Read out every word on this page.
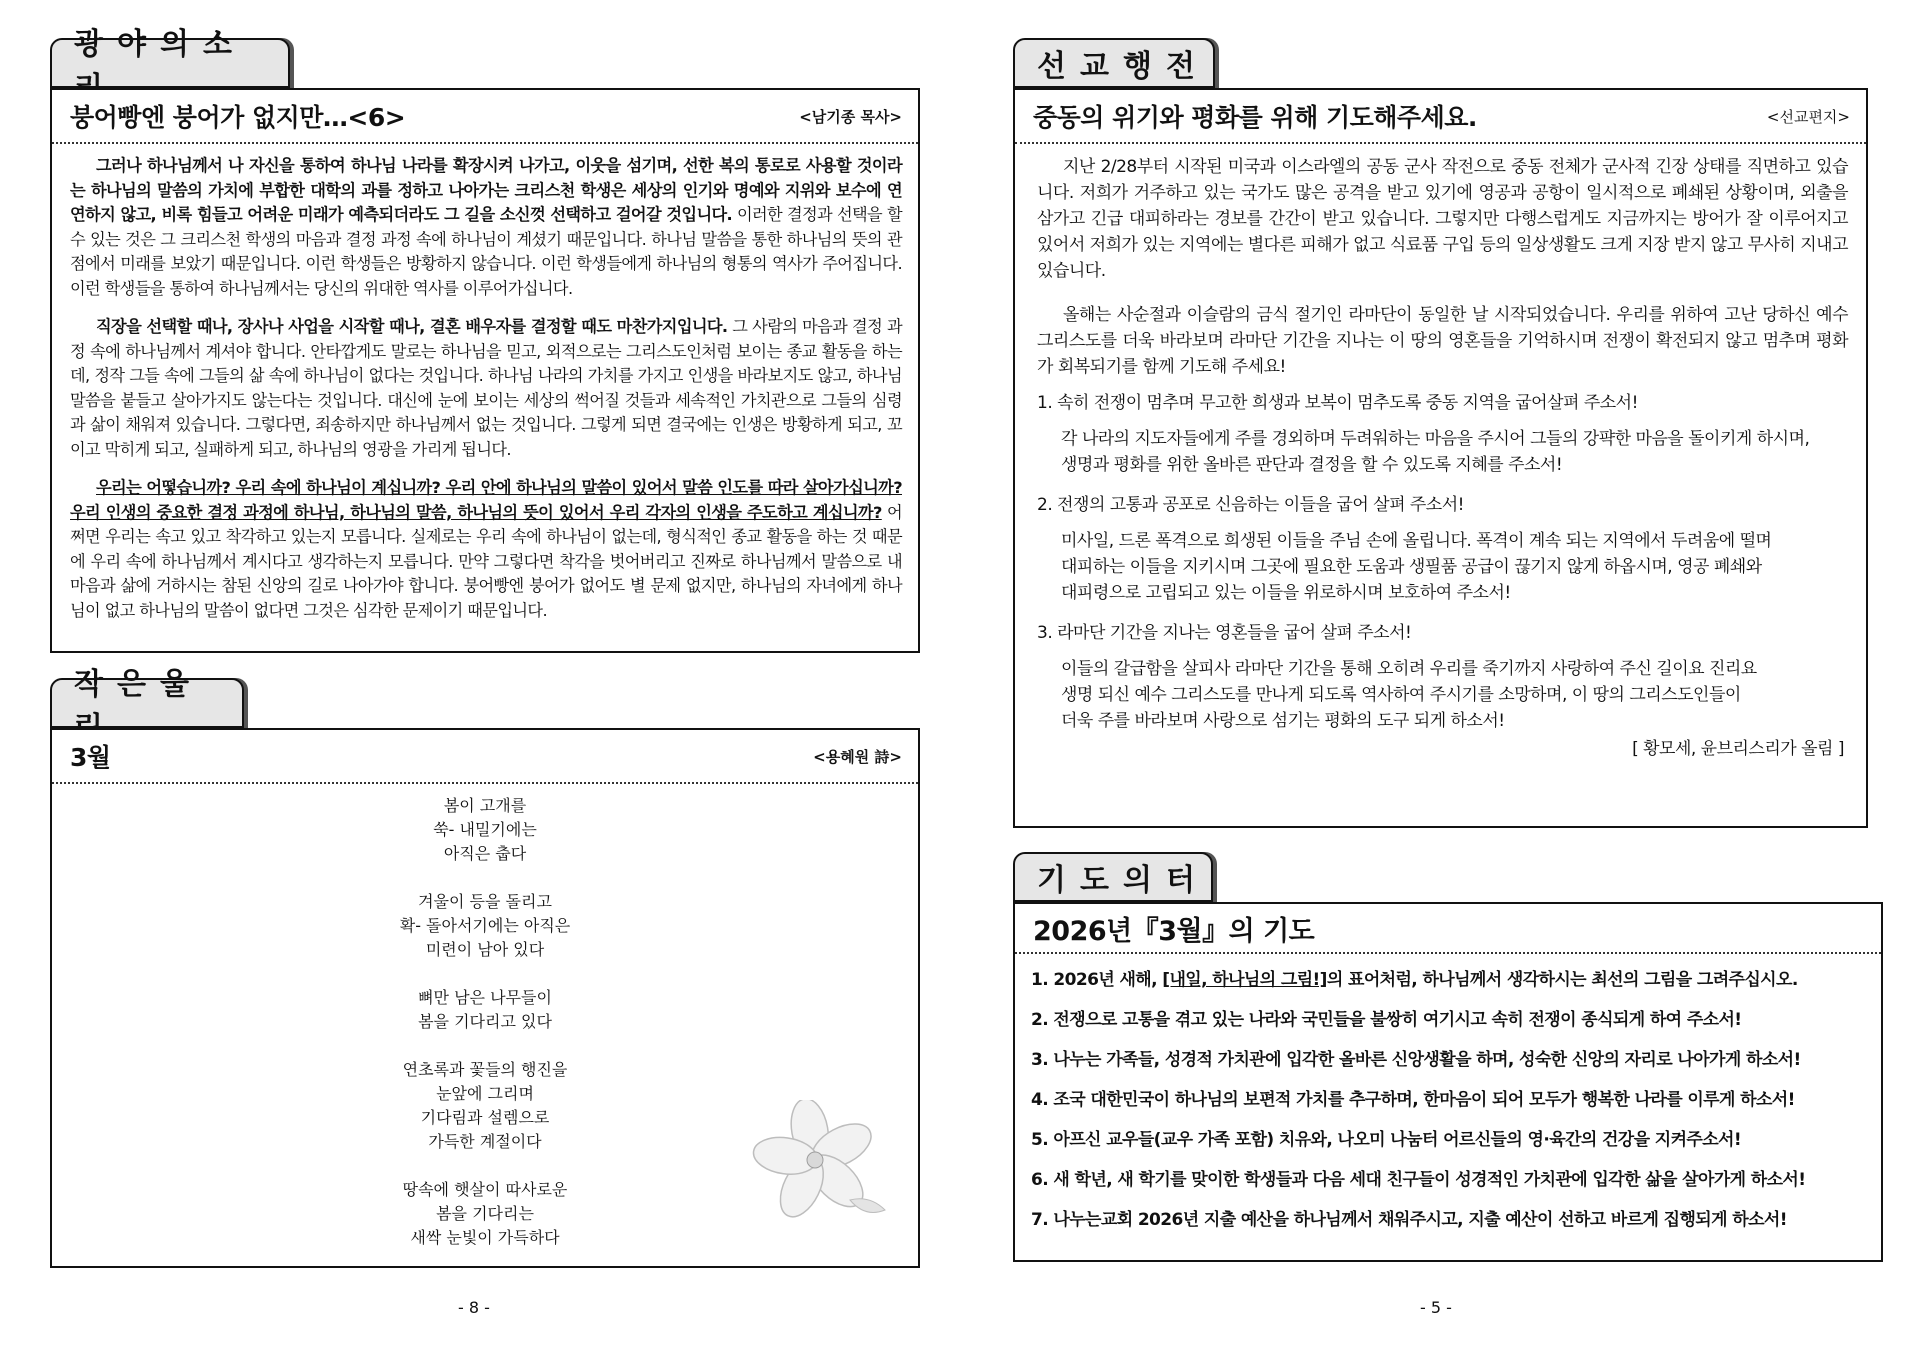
광야의소
붕어빵엔 붕어가 없지만…<6>	<남기종 목사>

그러나 하나님께서 나 자신을 통하여 하나님 나라를 확장시켜 나가고, 이웃을 섬기며, 선한 복의 통로로 사용할 것이라는 하나님의 말씀의 가치에 부합한 대학의 과를 정하고 나아가는 크리스천 학생은 세상의 인기와 명예와 지위와 보수에 연연하지 않고, 비록 힘들고 어려운 미래가 예측되더라도 그 길을 소신껏 선택하고 걸어갈 것입니다. 이러한 결정과 선택을 할 수 있는 것은 그 크리스천 학생의 마음과 결정 과정 속에 하나님이 계셨기 때문입니다. 하나님 말씀을 통한 하나님의 뜻의 관점에서 미래를 보았기 때문입니다. 이런 학생들은 방황하지 않습니다. 이런 학생들에게 하나님의 형통의 역사가 주어집니다. 이런 학생들을 통하여 하나님께서는 당신의 위대한 역사를 이루어가십니다.

직장을 선택할 때나, 장사나 사업을 시작할 때나, 결혼 배우자를 결정할 때도 마찬가지입니다. 그 사람의 마음과 결정 과정 속에 하나님께서 계셔야 합니다. 안타깝게도 말로는 하나님을 믿고, 외적으로는 그리스도인처럼 보이는 종교 활동을 하는데, 정작 그들 속에 그들의 삶 속에 하나님이 없다는 것입니다. 하나님 나라의 가치를 가지고 인생을 바라보지도 않고, 하나님 말씀을 붙들고 살아가지도 않는다는 것입니다. 대신에 눈에 보이는 세상의 썩어질 것들과 세속적인 가치관으로 그들의 심령과 삶이 채워져 있습니다. 그렇다면, 죄송하지만 하나님께서 없는 것입니다. 그렇게 되면 결국에는 인생은 방황하게 되고, 꼬이고 막히게 되고, 실패하게 되고, 하나님의 영광을 가리게 됩니다.

우리는 어떻습니까? 우리 속에 하나님이 계십니까? 우리 안에 하나님의 말씀이 있어서 말씀 인도를 따라 살아가십니까? 우리 인생의 중요한 결정 과정에 하나님, 하나님의 말씀, 하나님의 뜻이 있어서 우리 각자의 인생을 주도하고 계십니까? 어쩌면 우리는 속고 있고 착각하고 있는지 모릅니다. 실제로는 우리 속에 하나님이 없는데, 형식적인 종교 활동을 하는 것 때문에 우리 속에 하나님께서 계시다고 생각하는지 모릅니다. 만약 그렇다면 착각을 벗어버리고 진짜로 하나님께서 말씀으로 내 마음과 삶에 거하시는 참된 신앙의 길로 나아가야 합니다. 붕어빵엔 붕어가 없어도 별 문제 없지만, 하나님의 자녀에게 하나님이 없고 하나님의 말씀이 없다면 그것은 심각한 문제이기 때문입니다.

작은울
3월	<용혜원 詩>
봄이 고개를
쑥- 내밀기에는
아직은 춥다
겨울이 등을 돌리고
확- 돌아서기에는 아직은
미련이 남아 있다
뼈만 남은 나무들이
봄을 기다리고 있다
연초록과 꽃들의 행진을
눈앞에 그리며
기다림과 설렘으로
가득한 계절이다
땅속에 햇살이 따사로운
봄을 기다리는
새싹 눈빛이 가득하다
- 8 -
선교행전
중동의 위기와 평화를 위해 기도해주세요.	<선교편지>

지난 2/28부터 시작된 미국과 이스라엘의 공동 군사 작전으로 중동 전체가 군사적 긴장 상태를 직면하고 있습니다. 저희가 거주하고 있는 국가도 많은 공격을 받고 있기에 영공과 공항이 일시적으로 폐쇄된 상황이며, 외출을 삼가고 긴급 대피하라는 경보를 간간이 받고 있습니다. 그렇지만 다행스럽게도 지금까지는 방어가 잘 이루어지고 있어서 저희가 있는 지역에는 별다른 피해가 없고 식료품 구입 등의 일상생활도 크게 지장 받지 않고 무사히 지내고 있습니다.

올해는 사순절과 이슬람의 금식 절기인 라마단이 동일한 날 시작되었습니다. 우리를 위하여 고난 당하신 예수 그리스도를 더욱 바라보며 라마단 기간을 지나는 이 땅의 영혼들을 기억하시며 전쟁이 확전되지 않고 멈추며 평화가 회복되기를 함께 기도해 주세요!

1. 속히 전쟁이 멈추며 무고한 희생과 보복이 멈추도록 중동 지역을 굽어살펴 주소서!
각 나라의 지도자들에게 주를 경외하며 두려워하는 마음을 주시어 그들의 강퍅한 마음을 돌이키게 하시며,
생명과 평화를 위한 올바른 판단과 결정을 할 수 있도록 지혜를 주소서!
2. 전쟁의 고통과 공포로 신음하는 이들을 굽어 살펴 주소서!
미사일, 드론 폭격으로 희생된 이들을 주님 손에 올립니다. 폭격이 계속 되는 지역에서 두려움에 떨며
대피하는 이들을 지키시며 그곳에 필요한 도움과 생필품 공급이 끊기지 않게 하옵시며, 영공 폐쇄와
대피령으로 고립되고 있는 이들을 위로하시며 보호하여 주소서!
3. 라마단 기간을 지나는 영혼들을 굽어 살펴 주소서!
이들의 갈급함을 살피사 라마단 기간을 통해 오히려 우리를 죽기까지 사랑하여 주신 길이요 진리요
생명 되신 예수 그리스도를 만나게 되도록 역사하여 주시기를 소망하며, 이 땅의 그리스도인들이
더욱 주를 바라보며 사랑으로 섬기는 평화의 도구 되게 하소서!
[ 황모세, 윤브리스리가 올림 ]
기도의터
2026년『3월』의 기도
1. 2026년 새해, [내일, 하나님의 그림!]의 표어처럼, 하나님께서 생각하시는 최선의 그림을 그려주십시오.
2. 전쟁으로 고통을 겪고 있는 나라와 국민들을 불쌍히 여기시고 속히 전쟁이 종식되게 하여 주소서!
3. 나누는 가족들, 성경적 가치관에 입각한 올바른 신앙생활을 하며, 성숙한 신앙의 자리로 나아가게 하소서!
4. 조국 대한민국이 하나님의 보편적 가치를 추구하며, 한마음이 되어 모두가 행복한 나라를 이루게 하소서!
5. 아프신 교우들(교우 가족 포함) 치유와, 나오미 나눔터 어르신들의 영·육간의 건강을 지켜주소서!
6. 새 학년, 새 학기를 맞이한 학생들과 다음 세대 친구들이 성경적인 가치관에 입각한 삶을 살아가게 하소서!
7. 나누는교회 2026년 지출 예산을 하나님께서 채워주시고, 지출 예산이 선하고 바르게 집행되게 하소서!
- 5 -
